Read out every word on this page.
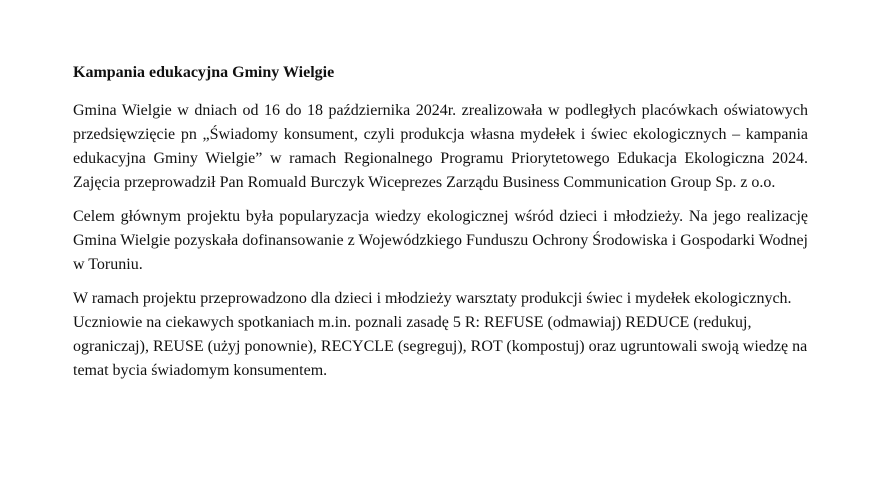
Kampania edukacyjna Gminy Wielgie

Gmina Wielgie w dniach od 16 do 18 października 2024r. zrealizowała w podległych placówkach oświatowych przedsięwzięcie pn „Świadomy konsument, czyli produkcja własna mydełek i świec ekologicznych – kampania edukacyjna Gminy Wielgie” w ramach Regionalnego Programu Priorytetowego Edukacja Ekologiczna 2024. Zajęcia przeprowadził Pan Romuald Burczyk Wiceprezes Zarządu Business Communication Group Sp. z o.o.

Celem głównym projektu była popularyzacja wiedzy ekologicznej wśród dzieci i młodzieży. Na jego realizację Gmina Wielgie pozyskała dofinansowanie z Wojewódzkiego Funduszu Ochrony Środowiska i Gospodarki Wodnej w Toruniu.

W ramach projektu przeprowadzono dla dzieci i młodzieży warsztaty produkcji świec i mydełek ekologicznych. Uczniowie na ciekawych spotkaniach m.in. poznali zasadę 5 R: REFUSE (odmawiaj) REDUCE (redukuj, ograniczaj), REUSE (użyj ponownie), RECYCLE (segreguj), ROT (kompostuj) oraz ugruntowali swoją wiedzę na temat bycia świadomym konsumentem.
